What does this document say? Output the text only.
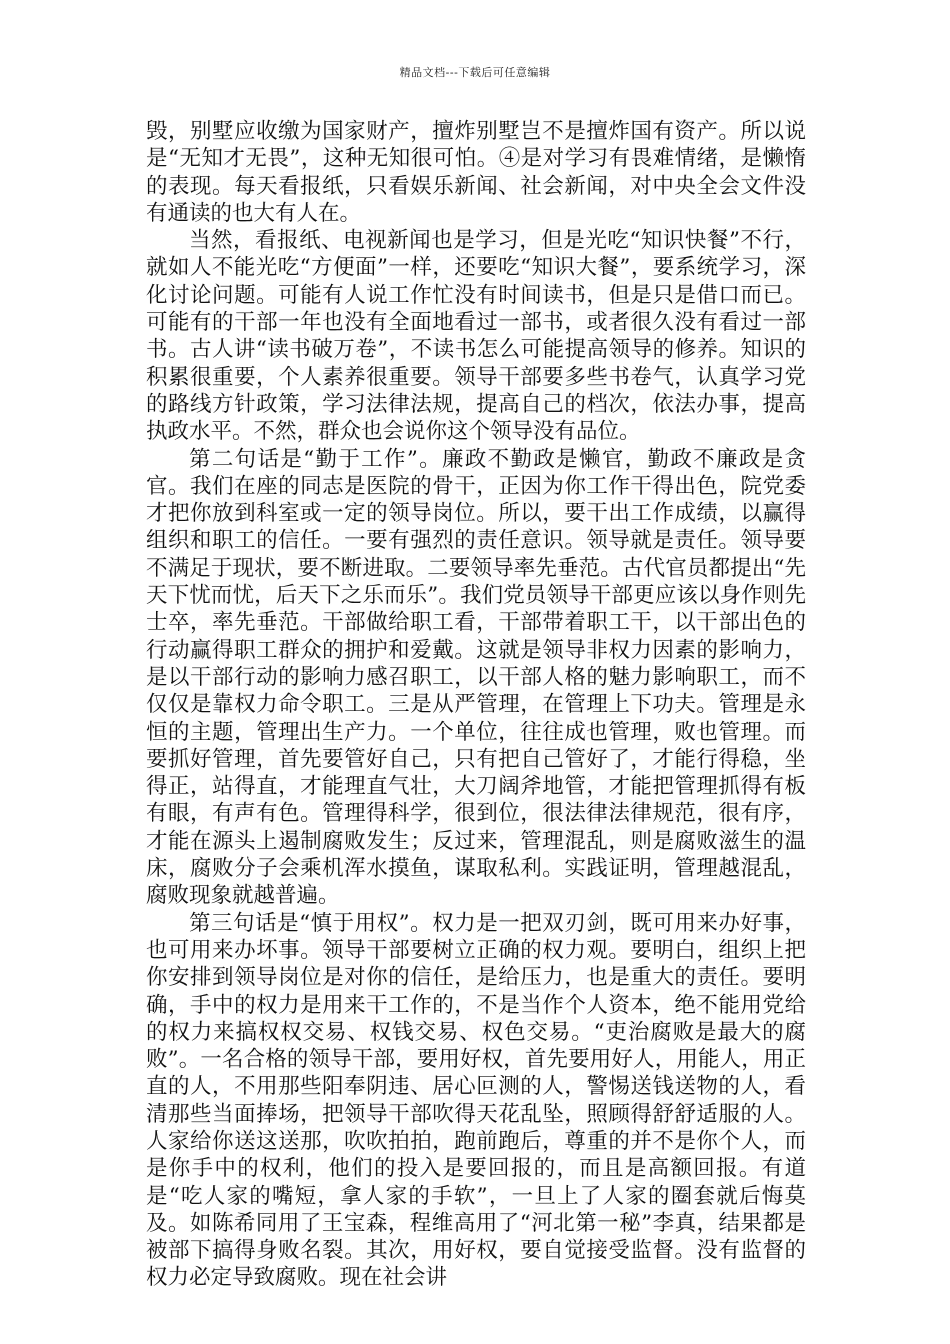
精品文档---下载后可任意编辑

毁，别墅应收缴为国家财产，擅炸别墅岂不是擅炸国有资产。所以说是“无知才无畏”，这种无知很可怕。④是对学习有畏难情绪，是懒惰的表现。每天看报纸，只看娱乐新闻、社会新闻，对中央全会文件没有通读的也大有人在。

当然，看报纸、电视新闻也是学习，但是光吃“知识快餐”不行，就如人不能光吃“方便面”一样，还要吃“知识大餐”，要系统学习，深化讨论问题。可能有人说工作忙没有时间读书，但是只是借口而已。可能有的干部一年也没有全面地看过一部书，或者很久没有看过一部书。古人讲“读书破万卷”，不读书怎么可能提高领导的修养。知识的积累很重要，个人素养很重要。领导干部要多些书卷气，认真学习党的路线方针政策，学习法律法规，提高自己的档次，依法办事，提高执政水平。不然，群众也会说你这个领导没有品位。

第二句话是“勤于工作”。廉政不勤政是懒官，勤政不廉政是贪官。我们在座的同志是医院的骨干，正因为你工作干得出色，院党委才把你放到科室或一定的领导岗位。所以，要干出工作成绩，以赢得组织和职工的信任。一要有强烈的责任意识。领导就是责任。领导要不满足于现状，要不断进取。二要领导率先垂范。古代官员都提出“先天下忧而忧，后天下之乐而乐”。我们党员领导干部更应该以身作则先士卒，率先垂范。干部做给职工看，干部带着职工干，以干部出色的行动赢得职工群众的拥护和爱戴。这就是领导非权力因素的影响力，是以干部行动的影响力感召职工，以干部人格的魅力影响职工，而不仅仅是靠权力命令职工。三是从严管理，在管理上下功夫。管理是永恒的主题，管理出生产力。一个单位，往往成也管理，败也管理。而要抓好管理，首先要管好自己，只有把自己管好了，才能行得稳，坐得正，站得直，才能理直气壮，大刀阔斧地管，才能把管理抓得有板有眼，有声有色。管理得科学，很到位，很法律法律规范，很有序，才能在源头上遏制腐败发生；反过来，管理混乱，则是腐败滋生的温床，腐败分子会乘机浑水摸鱼，谋取私利。实践证明，管理越混乱，腐败现象就越普遍。

第三句话是“慎于用权”。权力是一把双刃剑，既可用来办好事，也可用来办坏事。领导干部要树立正确的权力观。要明白，组织上把你安排到领导岗位是对你的信任，是给压力，也是重大的责任。要明确，手中的权力是用来干工作的，不是当作个人资本，绝不能用党给的权力来搞权权交易、权钱交易、权色交易。“吏治腐败是最大的腐败”。一名合格的领导干部，要用好权，首先要用好人，用能人，用正直的人，不用那些阳奉阴违、居心叵测的人，警惕送钱送物的人，看清那些当面捧场，把领导干部吹得天花乱坠，照顾得舒舒适服的人。人家给你送这送那，吹吹拍拍，跑前跑后，尊重的并不是你个人，而是你手中的权利，他们的投入是要回报的，而且是高额回报。有道是“吃人家的嘴短，拿人家的手软”，一旦上了人家的圈套就后悔莫及。如陈希同用了王宝森，程维高用了“河北第一秘”李真，结果都是被部下搞得身败名裂。其次，用好权，要自觉接受监督。没有监督的权力必定导致腐败。现在社会讲
